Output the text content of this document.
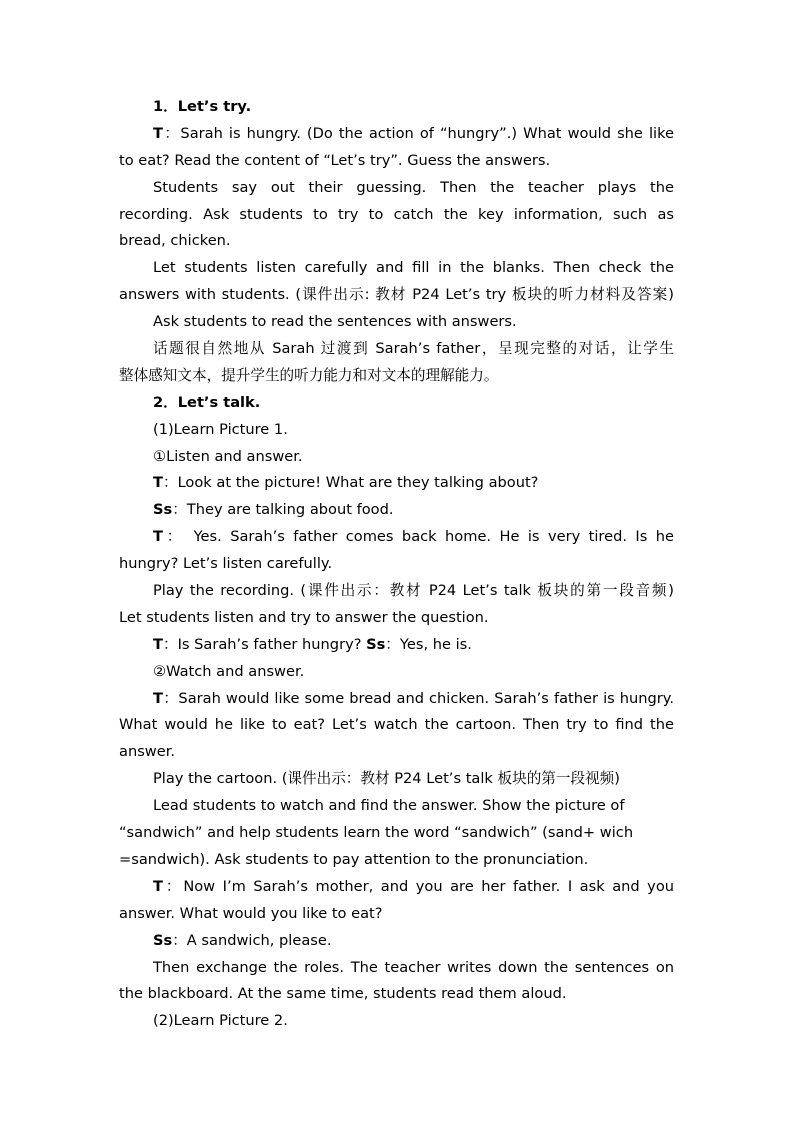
1．Let’s try.
T：Sarah is hungry. (Do the action of “hungry”.) What would she like
to eat? Read the content of “Let’s try”. Guess the answers.
Students say out their guessing. Then the teacher plays the
recording. Ask students to try to catch the key information, such as
bread, chicken.
Let students listen carefully and fill in the blanks. Then check the
answers with students. (课件出示: 教材 P24 Let’s try 板块的听力材料及答案)
Ask students to read the sentences with answers.
话题很自然地从 Sarah 过渡到 Sarah’s father，呈现完整的对话，让学生
整体感知文本，提升学生的听力能力和对文本的理解能力。
2．Let’s talk.
(1)Learn Picture 1.
①Listen and answer.
T：Look at the picture! What are they talking about?
Ss：They are talking about food.
T： Yes. Sarah’s father comes back home. He is very tired. Is he
hungry? Let’s listen carefully.
Play the recording. (课件出示：教材 P24 Let’s talk 板块的第一段音频)
Let students listen and try to answer the question.
T：Is Sarah’s father hungry? Ss：Yes, he is.
②Watch and answer.
T：Sarah would like some bread and chicken. Sarah’s father is hungry.
What would he like to eat? Let’s watch the cartoon. Then try to find the
answer.
Play the cartoon. (课件出示：教材 P24 Let’s talk 板块的第一段视频)
Lead students to watch and find the answer. Show the picture of
“sandwich” and help students learn the word “sandwich” (sand+ wich
=sandwich). Ask students to pay attention to the pronunciation.
T：Now I’m Sarah’s mother, and you are her father. I ask and you
answer. What would you like to eat?
Ss：A sandwich, please.
Then exchange the roles. The teacher writes down the sentences on
the blackboard. At the same time, students read them aloud.
(2)Learn Picture 2.
